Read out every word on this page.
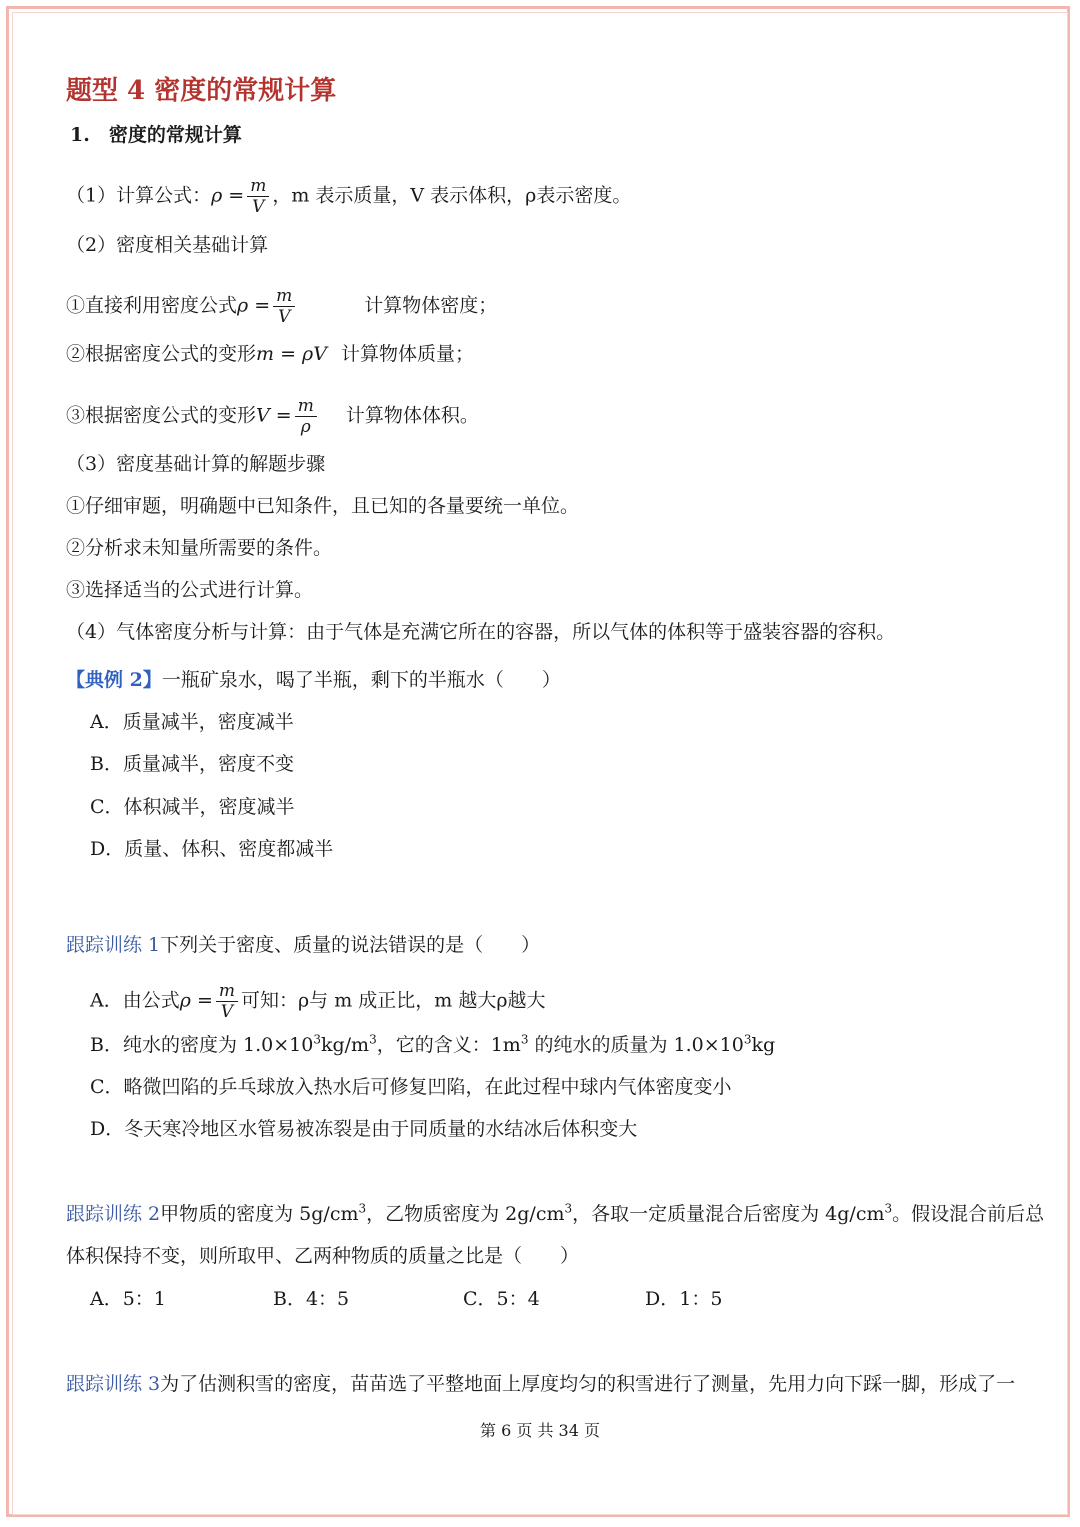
题型 4 密度的常规计算
1.　密度的常规计算
（1）计算公式：$\rho = \frac{m}{V}$ ，m 表示质量，V 表示体积，ρ表示密度。
（2）密度相关基础计算
①直接利用密度公式$\rho = \frac{m}{V}$	计算物体密度；
②根据密度公式的变形m = ρV 计算物体质量；
③根据密度公式的变形$V = \frac{m}{\rho}$ 计算物体体积。
（3）密度基础计算的解题步骤
①仔细审题，明确题中已知条件，且已知的各量要统一单位。
②分析求未知量所需要的条件。
③选择适当的公式进行计算。
（4）气体密度分析与计算：由于气体是充满它所在的容器，所以气体的体积等于盛装容器的容积。
【典例 2】一瓶矿泉水，喝了半瓶，剩下的半瓶水（　　）
A．质量减半，密度减半
B．质量减半，密度不变
C．体积减半，密度减半
D．质量、体积、密度都减半
跟踪训练 1下列关于密度、质量的说法错误的是（　　）
A．由公式$\rho = \frac{m}{V}$ 可知：ρ与 m 成正比，m 越大ρ越大
B．纯水的密度为 $1.0\times 10^3kg/m^3$，它的含义：$1m^3$ 的纯水的质量为 $1.0\times 10^3kg$
C．略微凹陷的乒乓球放入热水后可修复凹陷，在此过程中球内气体密度变小
D．冬天寒冷地区水管易被冻裂是由于同质量的水结冰后体积变大
跟踪训练 2甲物质的密度为 $5g/cm^3$，乙物质密度为 $2g/cm^3$，各取一定质量混合后密度为 $4g/cm^3$。假设混合前后总
体积保持不变，则所取甲、乙两种物质的质量之比是（　　）
A．5：1	B．4：5	C．5：4	D．1：5
跟踪训练 3为了估测积雪的密度，苗苗选了平整地面上厚度均匀的积雪进行了测量，先用力向下踩一脚，形成了一
第 6 页 共 34 页
